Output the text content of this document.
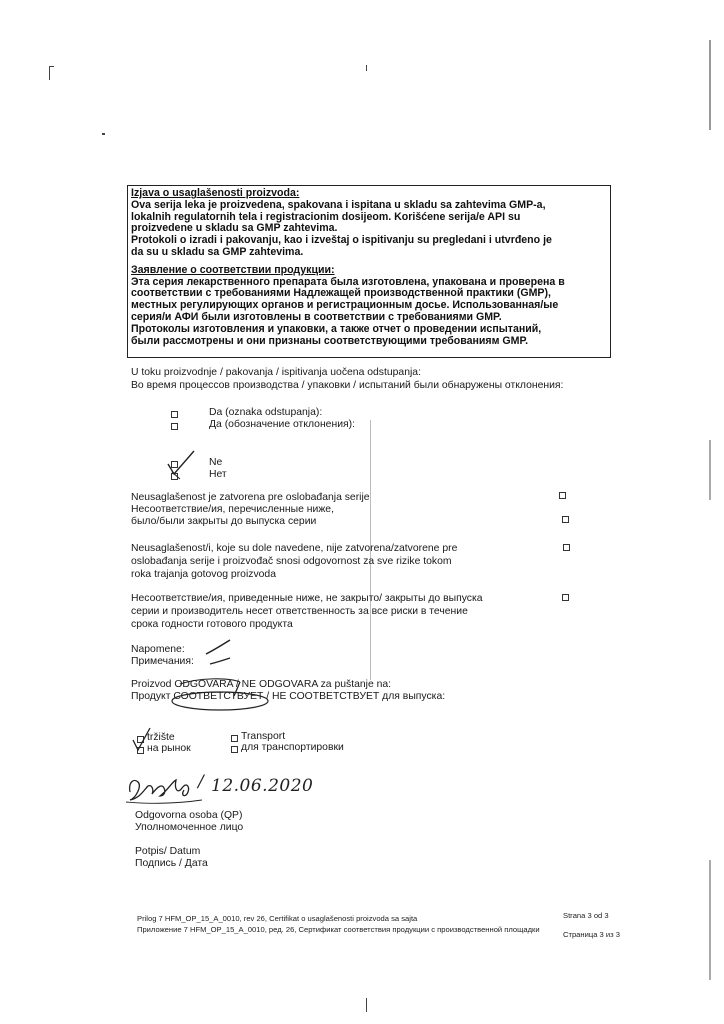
Izjava o usaglašenosti proizvoda:

Ova serija leka je proizvedena, spakovana i ispitana u skladu sa zahtevima GMP-a,

lokalnih regulatornih tela i registracionim dosijeom. Korišćene serija/e API su

proizvedene u skladu sa GMP zahtevima.

Protokoli o izradi i pakovanju, kao i izveštaj o ispitivanju su pregledani i utvrđeno je

da su u skladu sa GMP zahtevima.

Заявление о соответствии продукции:

Эта серия лекарственного препарата была изготовлена, упакована и проверена в

соответствии с требованиями Надлежащей производственной практики (GMP),

местных регулирующих органов и регистрационным досье. Использованная/ые

серия/и АФИ были изготовлены в соответствии с требованиями GMP.

Протоколы изготовления и упаковки, а также отчет о проведении испытаний,

были рассмотрены и они признаны соответствующими требованиям GMP.

U toku proizvodnje / pakovanja / ispitivanja uočena odstupanja:
Во время процессов производства / упаковки / испытаний были обнаружены отклонения:
Da (oznaka odstupanja):
Да (обозначение отклонения):
Ne
Нет
Neusaglašenost je zatvorena pre oslobađanja serije
Несоответствие/ия, перечисленные ниже,
было/были закрыты до выпуска серии
Neusaglašenost/i, koje su dole navedene, nije zatvorena/zatvorene pre
oslobađanja serije i proizvođač snosi odgovornost za sve rizike tokom
roka trajanja gotovog proizvoda
Несоответствие/ия, приведенные ниже, не закрыто/ закрыты до выпуска
серии и производитель несет ответственность за все риски в течение
срока годности готового продукта
Napomene:
Примечания:
Proizvod ODGOVARA / NE ODGOVARA za puštanje na:
Продукт СООТВЕТСТВУЕТ / НЕ СООТВЕТСТВУЕТ для выпуска:
tržište
на рынок
Transport
для транспортировки
/ 12.06.2020
Odgovorna osoba (QP)
Уполномоченное лицо
Potpis/ Datum
Подпись / Дата
Prilog 7 HFM_OP_15_A_0010, rev 26, Certifikat o usaglašenosti proizvoda sa sajta
Приложение 7 HFM_OP_15_A_0010, ред. 26, Сертификат соответствия продукции с производственной площадки
Strana 3 od 3
Страница 3 из 3
